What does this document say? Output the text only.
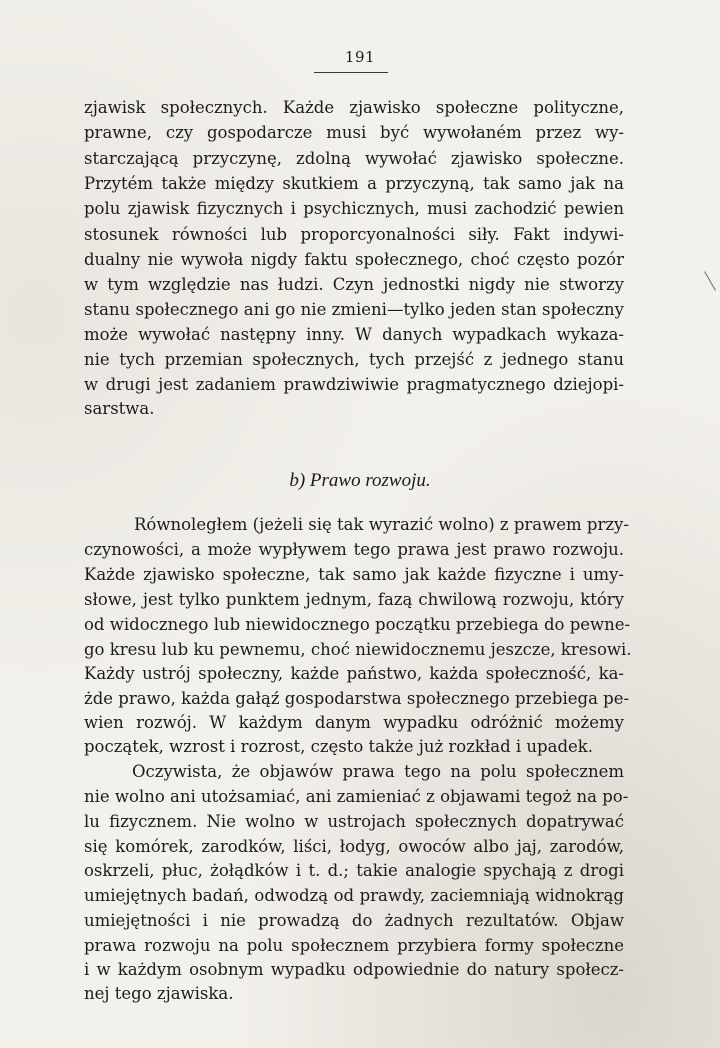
191
zjawisk społecznych. Każde zjawisko społeczne polityczne,
prawne, czy gospodarcze musi być wywołaném przez wy-
starczającą przyczynę, zdolną wywołać zjawisko społeczne.
Przytém także między skutkiem a przyczyną, tak samo jak na
polu zjawisk fizycznych i psychicznych, musi zachodzić pewien
stosunek równości lub proporcyonalności siły. Fakt indywi-
dualny nie wywoła nigdy faktu społecznego, choć często pozór
w tym względzie nas łudzi. Czyn jednostki nigdy nie stworzy
stanu społecznego ani go nie zmieni—tylko jeden stan społeczny
może wywołać następny inny. W danych wypadkach wykaza-
nie tych przemian społecznych, tych przejść z jednego stanu
w drugi jest zadaniem prawdziwiwie pragmatycznego dziejopi-
sarstwa.
b) Prawo rozwoju.
Równoległem (jeżeli się tak wyrazić wolno) z prawem przy-
czynowości, a może wypływem tego prawa jest prawo rozwoju.
Każde zjawisko społeczne, tak samo jak każde fizyczne i umy-
słowe, jest tylko punktem jednym, fazą chwilową rozwoju, który
od widocznego lub niewidocznego początku przebiega do pewne-
go kresu lub ku pewnemu, choć niewidocznemu jeszcze, kresowi.
Każdy ustrój społeczny, każde państwo, każda społeczność, ka-
żde prawo, każda gałąź gospodarstwa społecznego przebiega pe-
wien rozwój. W każdym danym wypadku odróżnić możemy
początek, wzrost i rozrost, często także już rozkład i upadek.
Oczywista, że objawów prawa tego na polu społecznem
nie wolno ani utożsamiać, ani zamieniać z objawami tegoż na po-
lu fizycznem. Nie wolno w ustrojach społecznych dopatrywać
się komórek, zarodków, liści, łodyg, owoców albo jaj, zarodów,
oskrzeli, płuc, żołądków i t. d.; takie analogie spychają z drogi
umiejętnych badań, odwodzą od prawdy, zaciemniają widnokrąg
umiejętności i nie prowadzą do żadnych rezultatów. Objaw
prawa rozwoju na polu społecznem przybiera formy społeczne
i w każdym osobnym wypadku odpowiednie do natury społecz-
nej tego zjawiska.
